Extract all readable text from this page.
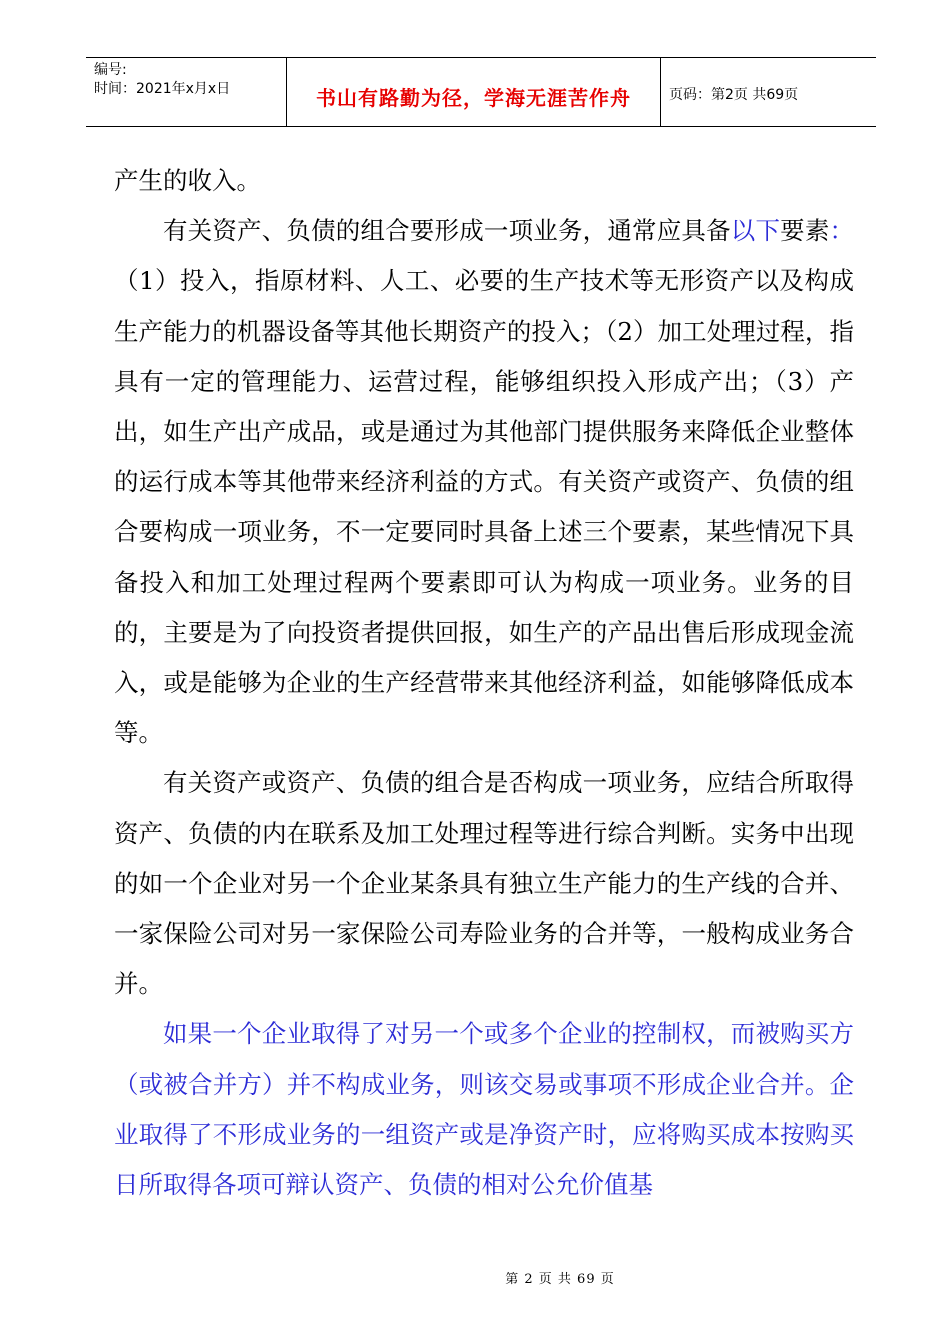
编号:
时间：2021年x月x日	书山有路勤为径，学海无涯苦作舟	页码：第2页 共69页

产生的收入。

有关资产、负债的组合要形成一项业务，通常应具备以下要素：（1）投入，指原材料、人工、必要的生产技术等无形资产以及构成生产能力的机器设备等其他长期资产的投入；（2）加工处理过程，指具有一定的管理能力、运营过程，能够组织投入形成产出；（3）产出，如生产出产成品，或是通过为其他部门提供服务来降低企业整体的运行成本等其他带来经济利益的方式。有关资产或资产、负债的组合要构成一项业务，不一定要同时具备上述三个要素，某些情况下具备投入和加工处理过程两个要素即可认为构成一项业务。业务的目的，主要是为了向投资者提供回报，如生产的产品出售后形成现金流入，或是能够为企业的生产经营带来其他经济利益，如能够降低成本等。

有关资产或资产、负债的组合是否构成一项业务，应结合所取得资产、负债的内在联系及加工处理过程等进行综合判断。实务中出现的如一个企业对另一个企业某条具有独立生产能力的生产线的合并、一家保险公司对另一家保险公司寿险业务的合并等，一般构成业务合并。

如果一个企业取得了对另一个或多个企业的控制权，而被购买方（或被合并方）并不构成业务，则该交易或事项不形成企业合并。企业取得了不形成业务的一组资产或是净资产时，应将购买成本按购买日所取得各项可辩认资产、负债的相对公允价值基

第 2 页 共 69 页
